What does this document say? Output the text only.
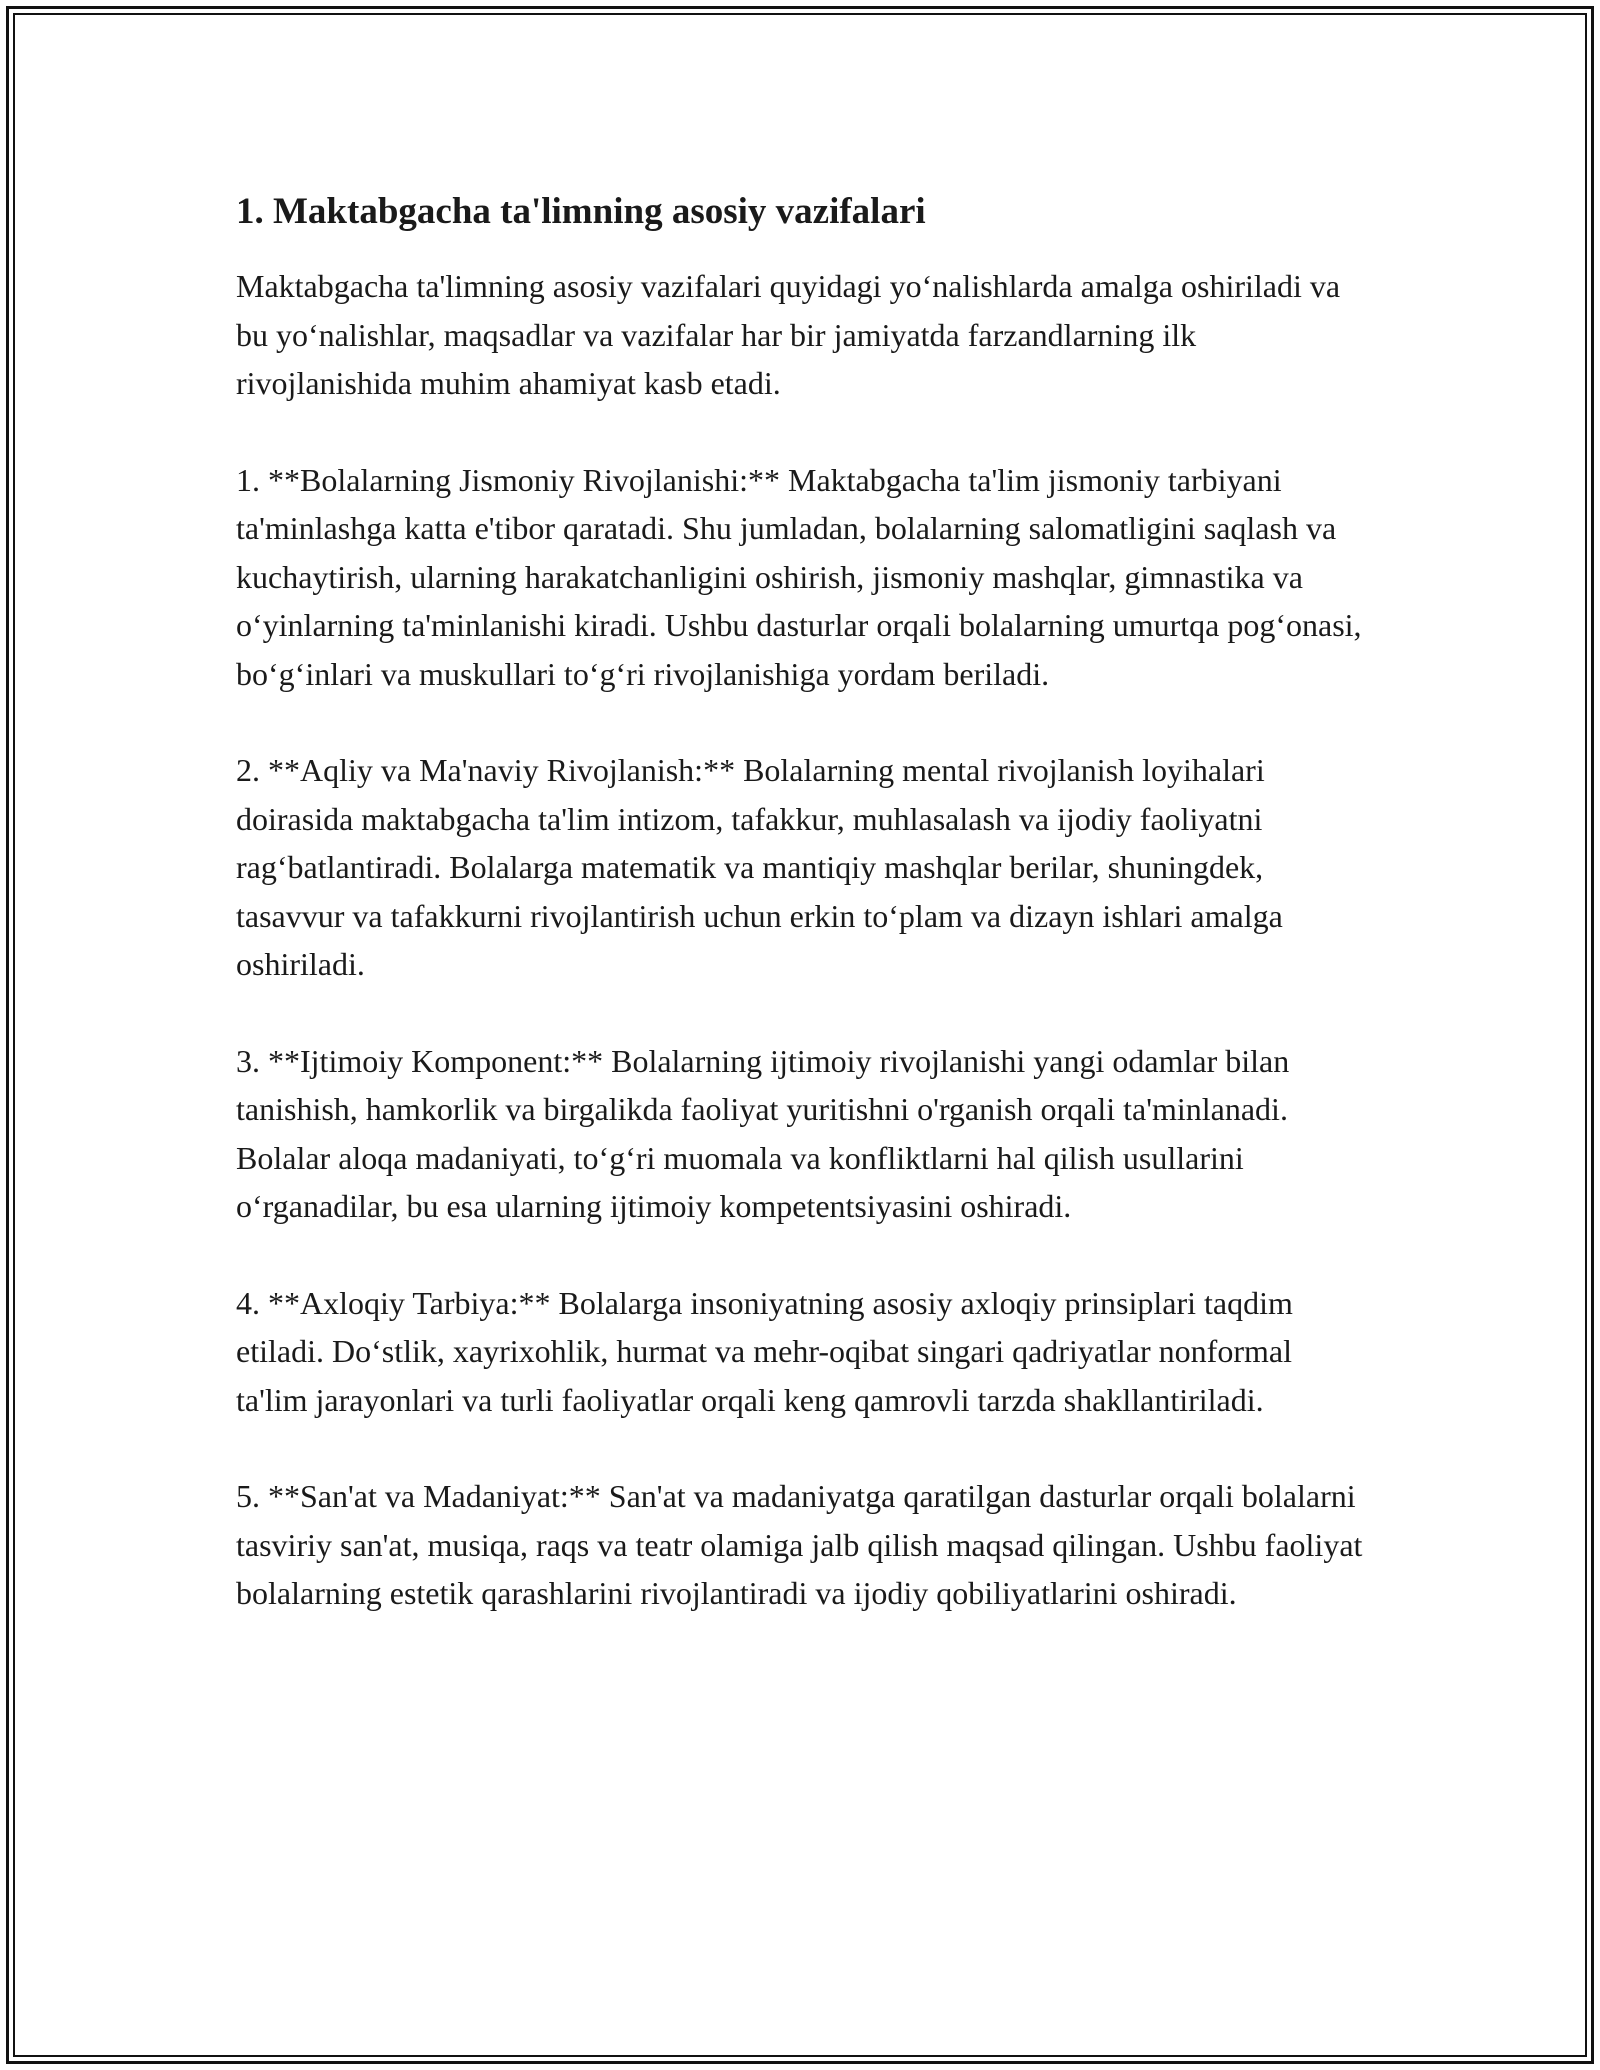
1. Maktabgacha ta'limning asosiy vazifalari

Maktabgacha ta'limning asosiy vazifalari quyidagi yo‘nalishlarda amalga oshiriladi va bu yo‘nalishlar, maqsadlar va vazifalar har bir jamiyatda farzandlarning ilk rivojlanishida muhim ahamiyat kasb etadi.

1. **Bolalarning Jismoniy Rivojlanishi:** Maktabgacha ta'lim jismoniy tarbiyani ta'minlashga katta e'tibor qaratadi. Shu jumladan, bolalarning salomatligini saqlash va kuchaytirish, ularning harakatchanligini oshirish, jismoniy mashqlar, gimnastika va o‘yinlarning ta'minlanishi kiradi. Ushbu dasturlar orqali bolalarning umurtqa pog‘onasi, bo‘g‘inlari va muskullari to‘g‘ri rivojlanishiga yordam beriladi.

2. **Aqliy va Ma'naviy Rivojlanish:** Bolalarning mental rivojlanish loyihalari doirasida maktabgacha ta'lim intizom, tafakkur, muhlasalash va ijodiy faoliyatni rag‘batlantiradi. Bolalarga matematik va mantiqiy mashqlar berilar, shuningdek, tasavvur va tafakkurni rivojlantirish uchun erkin to‘plam va dizayn ishlari amalga oshiriladi.

3. **Ijtimoiy Komponent:** Bolalarning ijtimoiy rivojlanishi yangi odamlar bilan tanishish, hamkorlik va birgalikda faoliyat yuritishni o'rganish orqali ta'minlanadi. Bolalar aloqa madaniyati, to‘g‘ri muomala va konfliktlarni hal qilish usullarini o‘rganadilar, bu esa ularning ijtimoiy kompetentsiyasini oshiradi.

4. **Axloqiy Tarbiya:** Bolalarga insoniyatning asosiy axloqiy prinsiplari taqdim etiladi. Do‘stlik, xayrixohlik, hurmat va mehr-oqibat singari qadriyatlar nonformal ta'lim jarayonlari va turli faoliyatlar orqali keng qamrovli tarzda shakllantiriladi.

5. **San'at va Madaniyat:** San'at va madaniyatga qaratilgan dasturlar orqali bolalarni tasviriy san'at, musiqa, raqs va teatr olamiga jalb qilish maqsad qilingan. Ushbu faoliyat bolalarning estetik qarashlarini rivojlantiradi va ijodiy qobiliyatlarini oshiradi.
